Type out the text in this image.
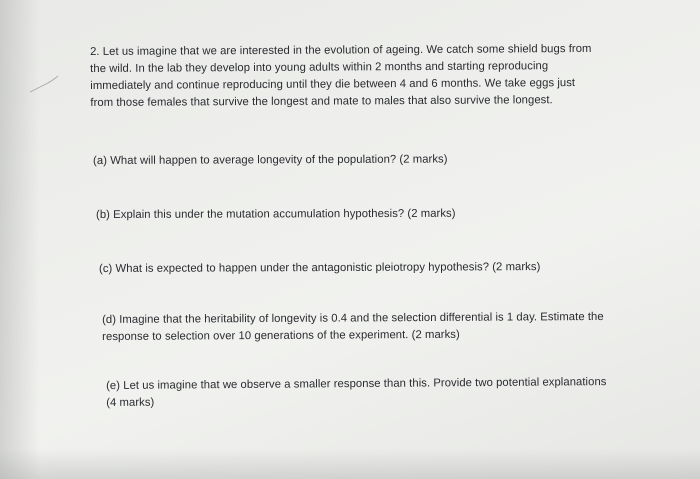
2. Let us imagine that we are interested in the evolution of ageing. We catch some shield bugs from
the wild. In the lab they develop into young adults within 2 months and starting reproducing
immediately and continue reproducing until they die between 4 and 6 months. We take eggs just
from those females that survive the longest and mate to males that also survive the longest.

(a) What will happen to average longevity of the population? (2 marks)

(b) Explain this under the mutation accumulation hypothesis? (2 marks)

(c) What is expected to happen under the antagonistic pleiotropy hypothesis? (2 marks)

(d) Imagine that the heritability of longevity is 0.4 and the selection differential is 1 day. Estimate the
response to selection over 10 generations of the experiment. (2 marks)

(e) Let us imagine that we observe a smaller response than this. Provide two potential explanations
(4 marks)
